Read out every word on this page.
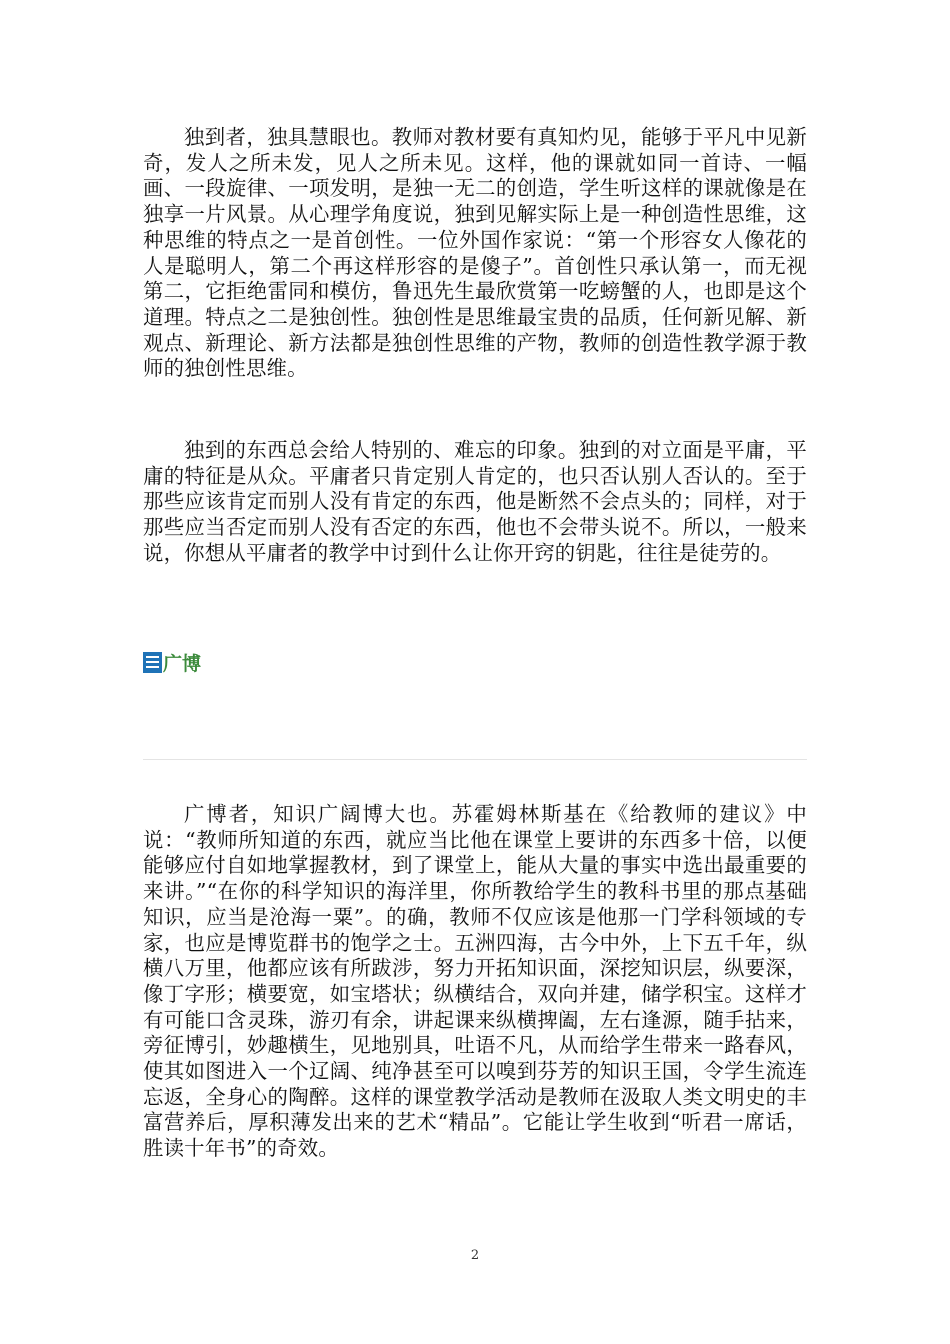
独到者，独具慧眼也。教师对教材要有真知灼见，能够于平凡中见新奇，发人之所未发，见人之所未见。这样，他的课就如同一首诗、一幅画、一段旋律、一项发明，是独一无二的创造，学生听这样的课就像是在独享一片风景。从心理学角度说，独到见解实际上是一种创造性思维，这种思维的特点之一是首创性。一位外国作家说：“第一个形容女人像花的人是聪明人，第二个再这样形容的是傻子”。首创性只承认第一，而无视第二，它拒绝雷同和模仿，鲁迅先生最欣赏第一吃螃蟹的人，也即是这个道理。特点之二是独创性。独创性是思维最宝贵的品质，任何新见解、新观点、新理论、新方法都是独创性思维的产物，教师的创造性教学源于教师的独创性思维。

独到的东西总会给人特别的、难忘的印象。独到的对立面是平庸，平庸的特征是从众。平庸者只肯定别人肯定的，也只否认别人否认的。至于那些应该肯定而别人没有肯定的东西，他是断然不会点头的；同样，对于那些应当否定而别人没有否定的东西，他也不会带头说不。所以，一般来说，你想从平庸者的教学中讨到什么让你开窍的钥匙，往往是徒劳的。

广博

广博者，知识广阔博大也。苏霍姆林斯基在《给教师的建议》中说：“教师所知道的东西，就应当比他在课堂上要讲的东西多十倍，以便能够应付自如地掌握教材，到了课堂上，能从大量的事实中选出最重要的来讲。”“在你的科学知识的海洋里，你所教给学生的教科书里的那点基础知识，应当是沧海一粟”。的确，教师不仅应该是他那一门学科领域的专家，也应是博览群书的饱学之士。五洲四海，古今中外，上下五千年，纵横八万里，他都应该有所跋涉，努力开拓知识面，深挖知识层，纵要深，像丁字形；横要宽，如宝塔状；纵横结合，双向并建，储学积宝。这样才有可能口含灵珠，游刃有余，讲起课来纵横捭阖，左右逢源，随手拈来，旁征博引，妙趣横生，见地别具，吐语不凡，从而给学生带来一路春风，使其如图进入一个辽阔、纯净甚至可以嗅到芬芳的知识王国，令学生流连忘返，全身心的陶醉。这样的课堂教学活动是教师在汲取人类文明史的丰富营养后，厚积薄发出来的艺术“精品”。它能让学生收到“听君一席话，胜读十年书”的奇效。

2
